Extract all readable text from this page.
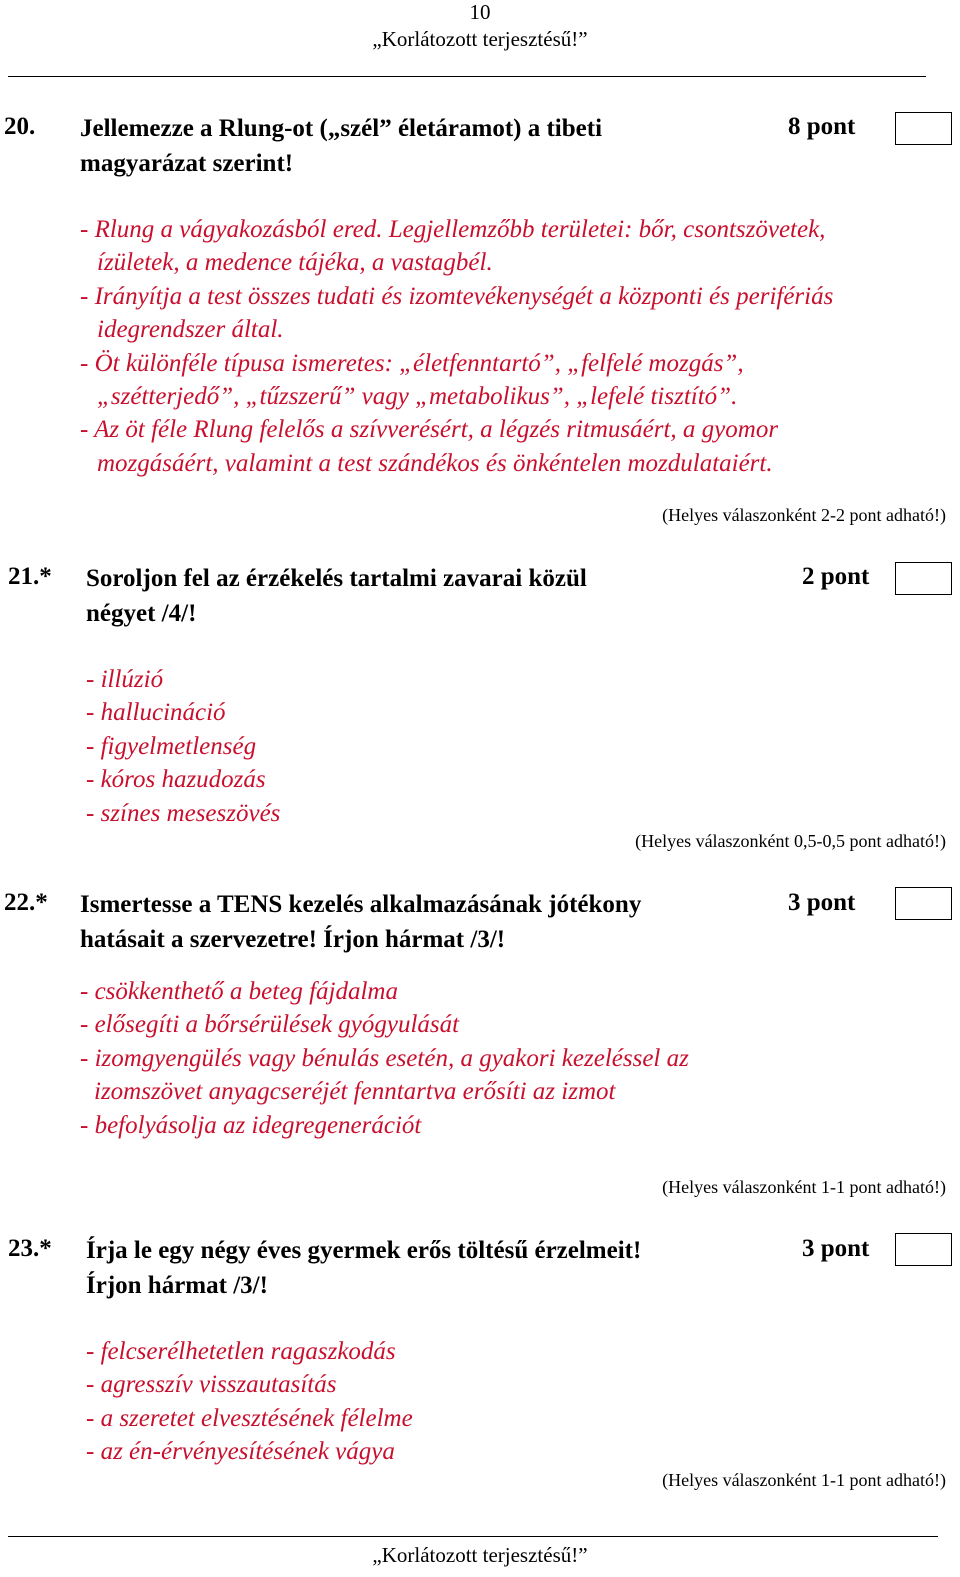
10
„Korlátozott terjesztésű!”
20. Jellemezze a Rlung-ot („szél” életáramot) a tibeti
magyarázat szerint!
8 pont
- Rlung a vágyakozásból ered. Legjellemzőbb területei: bőr, csontszövetek,
ízületek, a medence tájéka, a vastagbél.
- Irányítja a test összes tudati és izomtevékenységét a központi és perifériás
idegrendszer által.
- Öt különféle típusa ismeretes: „életfenntartó”, „felfelé mozgás”,
„szétterjedő”, „tűzszerű” vagy „metabolikus”, „lefelé tisztító”.
- Az öt féle Rlung felelős a szívverésért, a légzés ritmusáért, a gyomor
mozgásáért, valamint a test szándékos és önkéntelen mozdulataiért.
(Helyes válaszonként 2-2 pont adható!)
21.* Soroljon fel az érzékelés tartalmi zavarai közül
négyet /4/!
2 pont
- illúzió
- hallucináció
- figyelmetlenség
- kóros hazudozás
- színes meseszövés
(Helyes válaszonként 0,5-0,5 pont adható!)
22.* Ismertesse a TENS kezelés alkalmazásának jótékony
hatásait a szervezetre! Írjon hármat /3/!
3 pont
- csökkenthető a beteg fájdalma
- elősegíti a bőrsérülések gyógyulását
- izomgyengülés vagy bénulás esetén, a gyakori kezeléssel az
izomszövet anyagcseréjét fenntartva erősíti az izmot
- befolyásolja az idegregenerációt
(Helyes válaszonként 1-1 pont adható!)
23.* Írja le egy négy éves gyermek erős töltésű érzelmeit!
Írjon hármat /3/!
3 pont
- felcserélhetetlen ragaszkodás
- agresszív visszautasítás
- a szeretet elvesztésének félelme
- az én-érvényesítésének vágya
(Helyes válaszonként 1-1 pont adható!)
„Korlátozott terjesztésű!”
